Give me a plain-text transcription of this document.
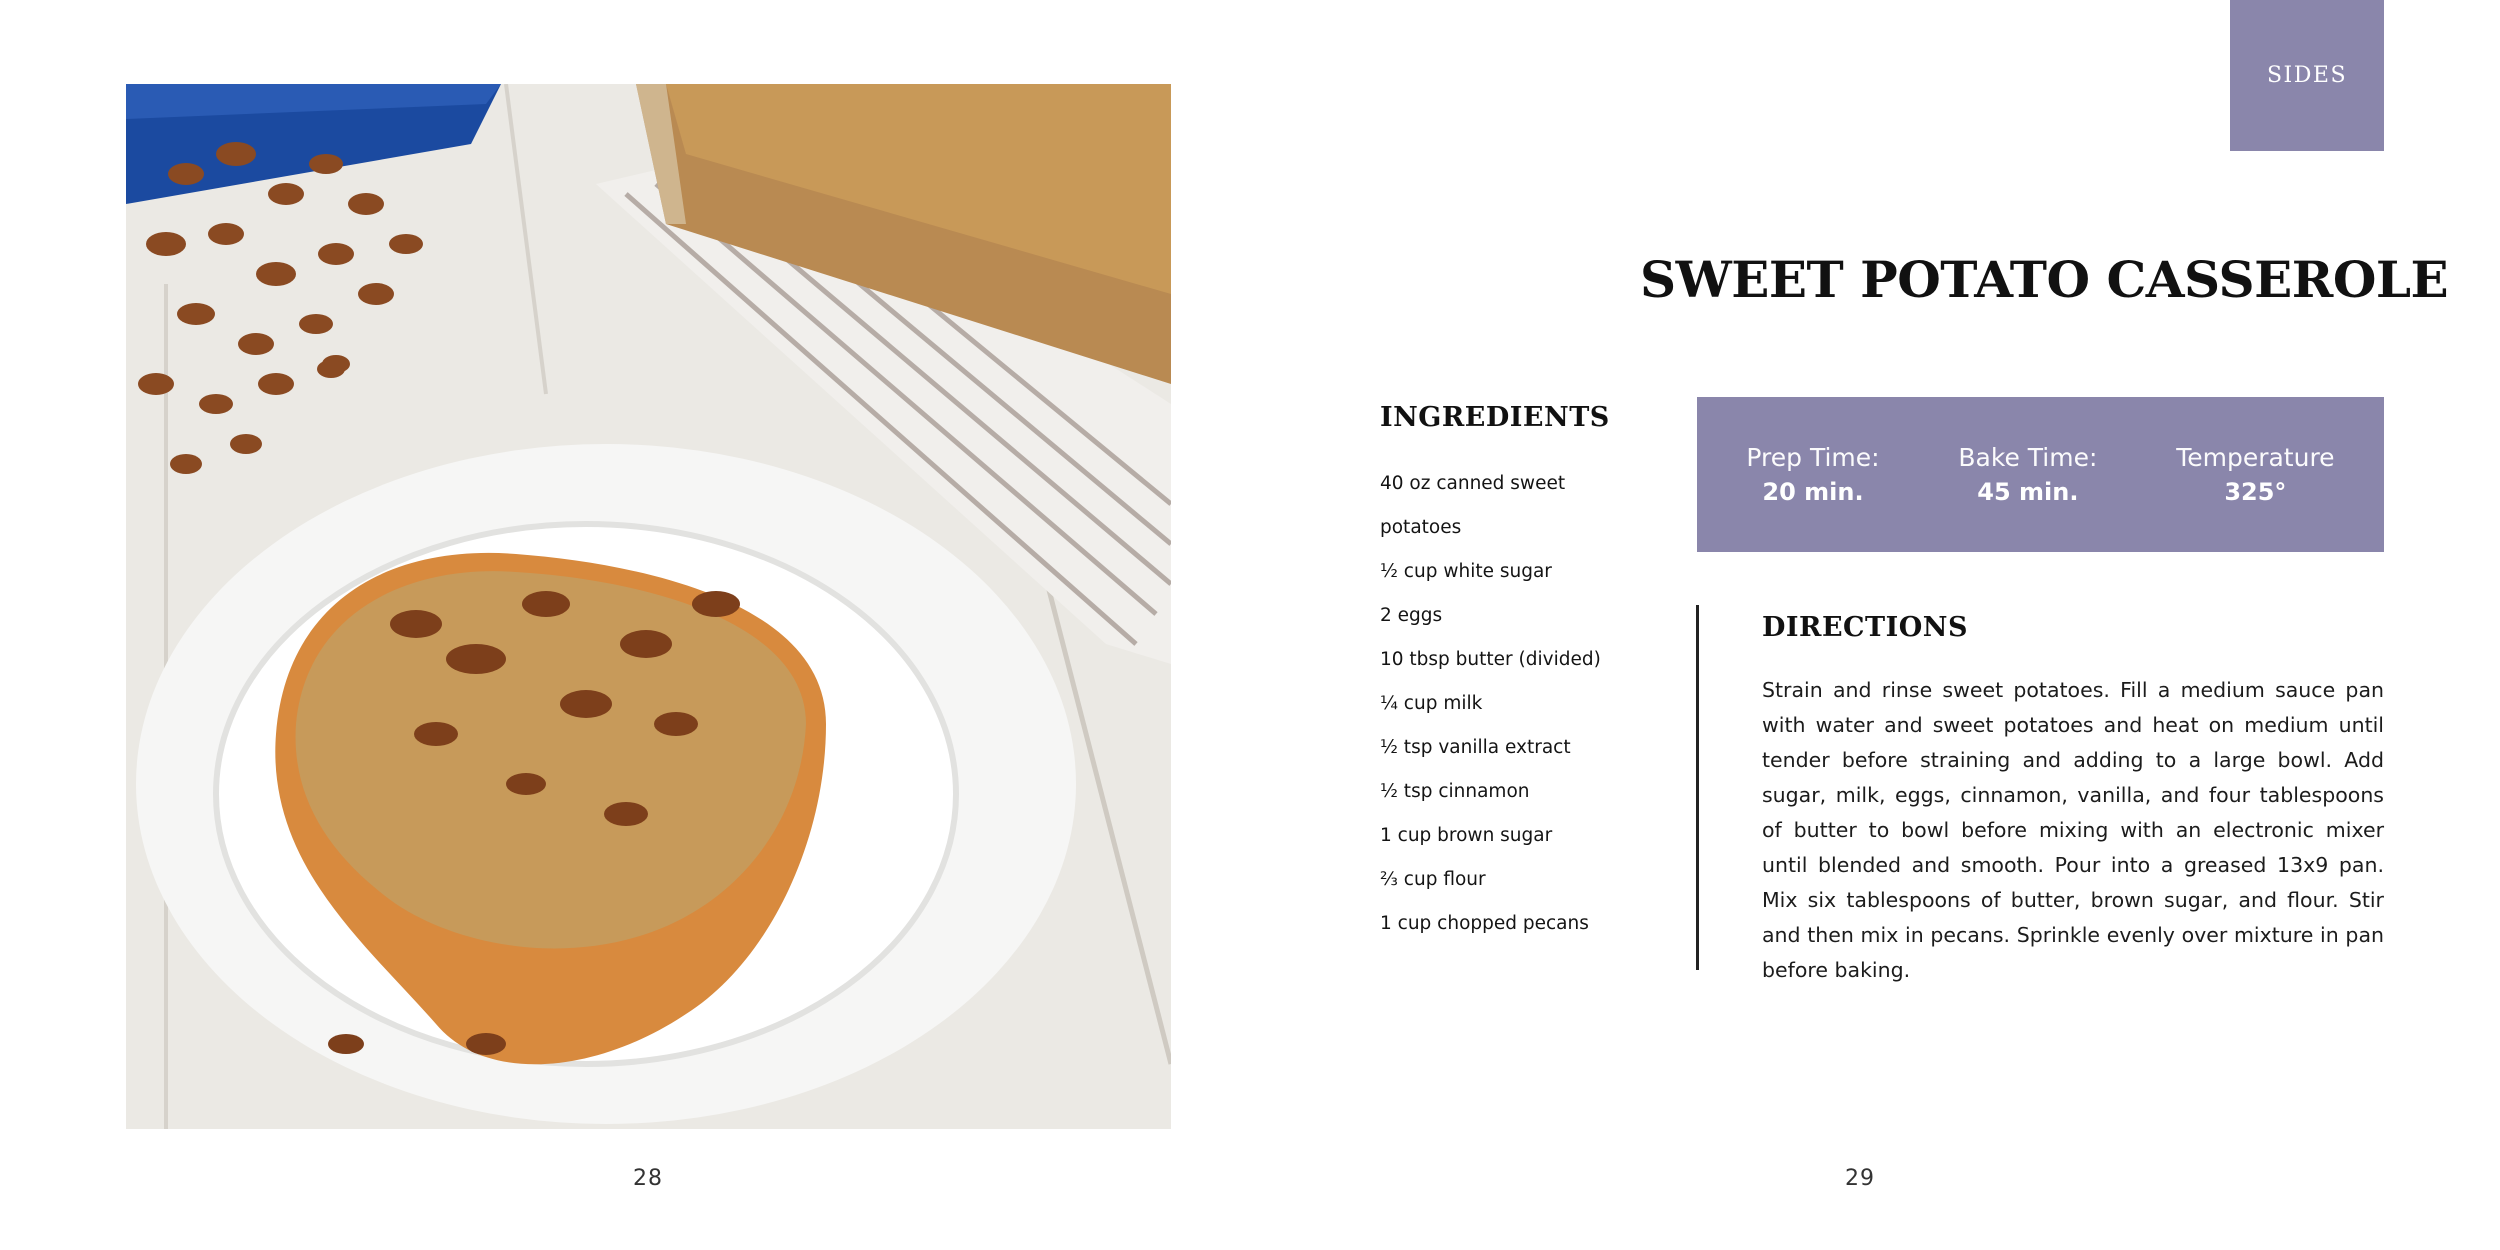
28
SIDES
SWEET POTATO CASSEROLE
INGREDIENTS
40 oz canned sweet
potatoes
½ cup white sugar
2 eggs
10 tbsp butter (divided)
¼ cup milk
½ tsp vanilla extract
½ tsp cinnamon
1 cup brown sugar
⅔ cup flour
1 cup chopped pecans
Prep Time:
20 min.
Bake Time:
45 min.
Temperature
325°
DIRECTIONS

Strain and rinse sweet potatoes. Fill a medium sauce pan with water and sweet potatoes and heat on medium until tender before straining and adding to a large bowl. Add sugar, milk, eggs, cinnamon, vanilla, and four tablespoons of butter to bowl before mixing with an electronic mixer until blended and smooth. Pour into a greased 13x9 pan. Mix six tablespoons of butter, brown sugar, and flour. Stir and then mix in pecans. Sprinkle evenly over mixture in pan before baking.

29
